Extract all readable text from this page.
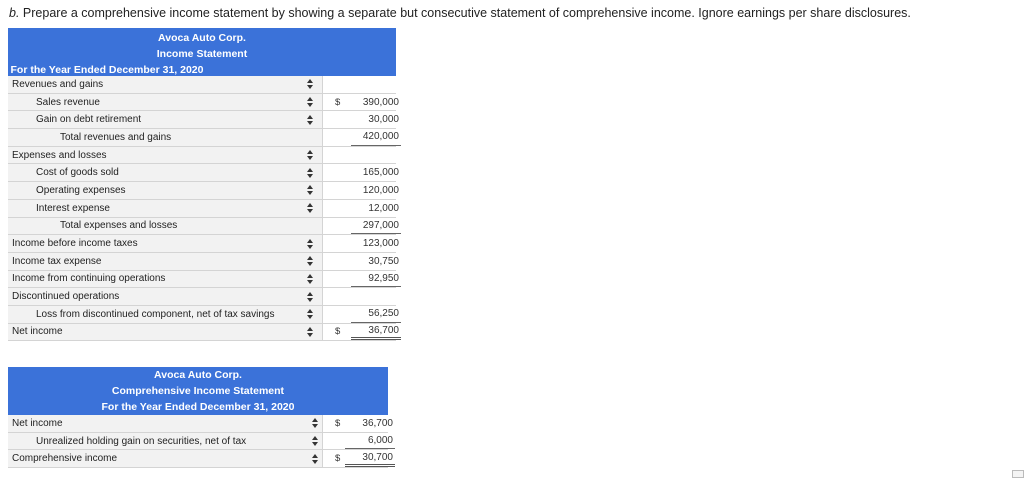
b. Prepare a comprehensive income statement by showing a separate but consecutive statement of comprehensive income. Ignore earnings per share disclosures.
Avoca Auto Corp.
Income Statement
For the Year Ended December 31, 2020
Revenues and gains
Sales revenue	$	390,000
Gain on debt retirement	30,000
Total revenues and gains	420,000
Expenses and losses
Cost of goods sold	165,000
Operating expenses	120,000
Interest expense	12,000
Total expenses and losses	297,000
Income before income taxes	123,000
Income tax expense	30,750
Income from continuing operations	92,950
Discontinued operations
Loss from discontinued component, net of tax savings	56,250
Net income	$	36,700
Avoca Auto Corp.
Comprehensive Income Statement
For the Year Ended December 31, 2020
Net income	$	36,700
Unrealized holding gain on securities, net of tax	6,000
Comprehensive income	$	30,700
